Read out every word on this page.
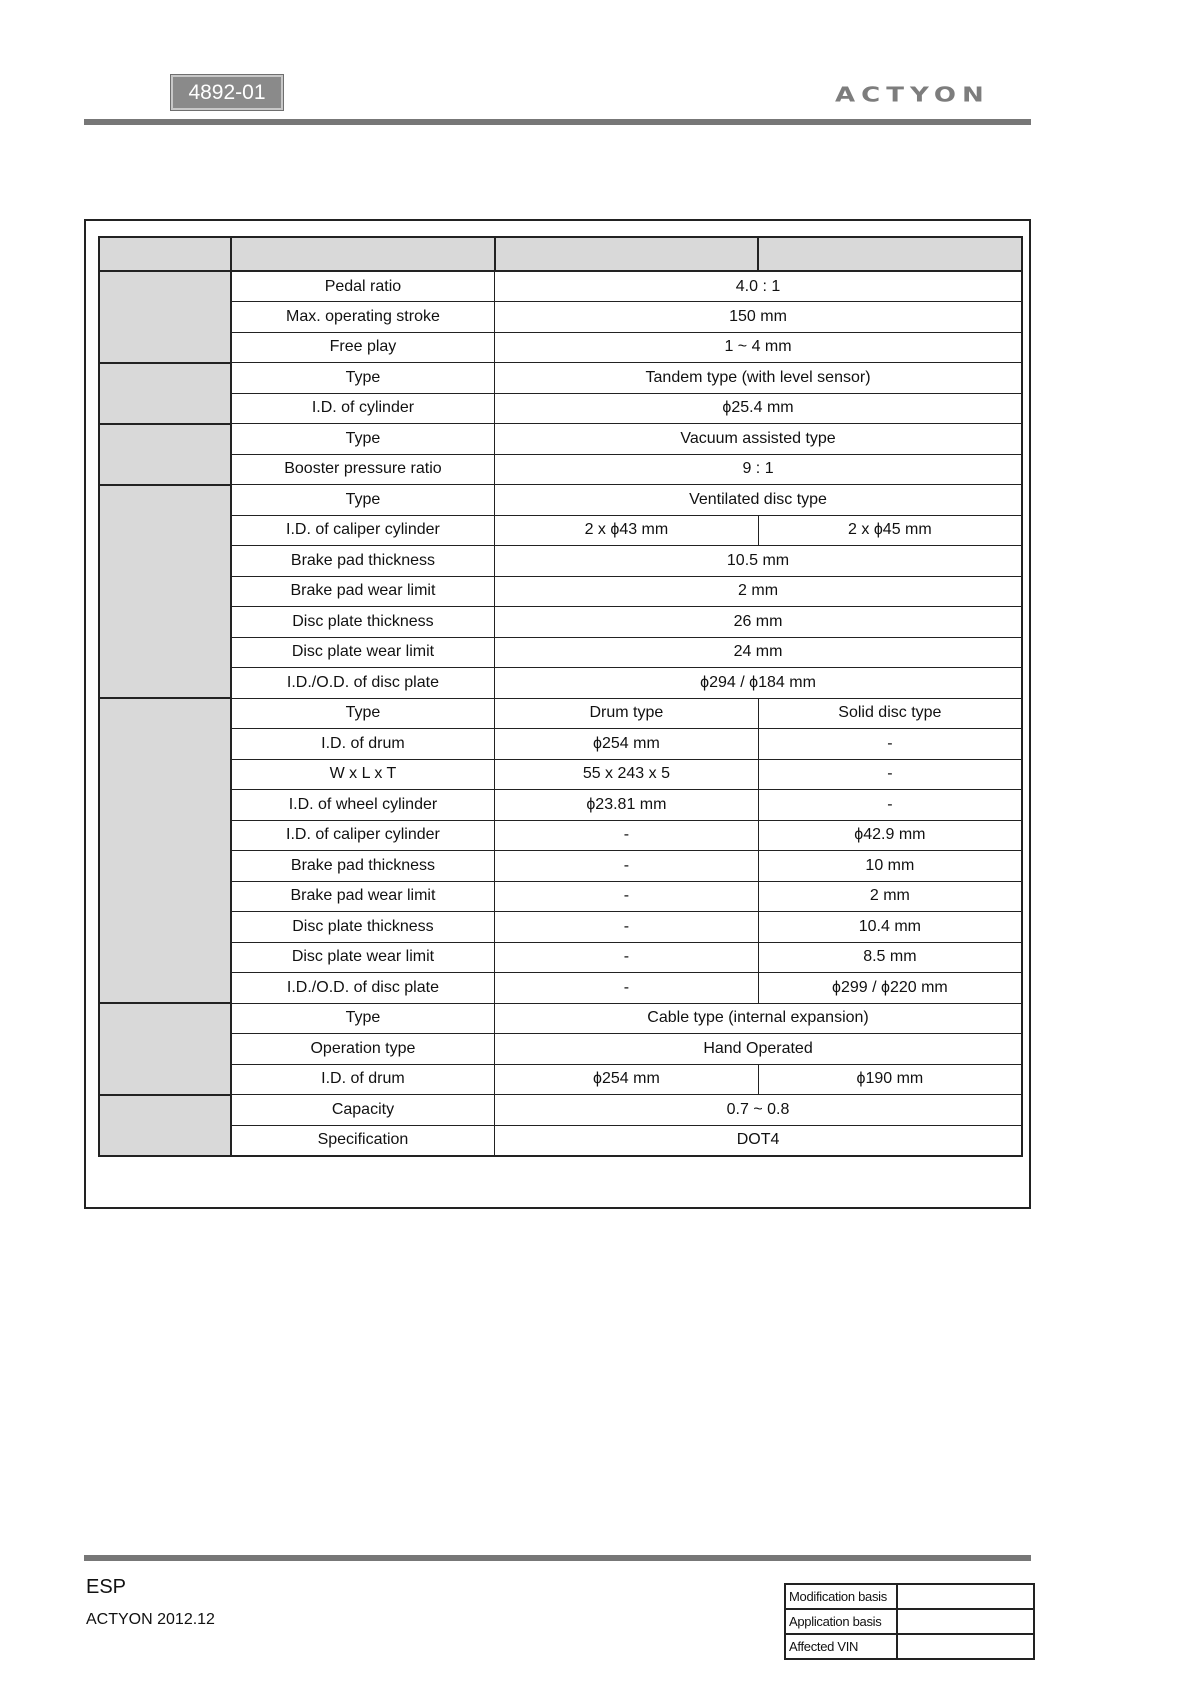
4892-01	ACTYON

	Pedal ratio	4.0 : 1	
	Max. operating stroke	150 mm	
	Free play	1 ~ 4 mm	
	Type	Tandem type (with level sensor)	
	I.D. of cylinder	ϕ25.4 mm	
	Type	Vacuum assisted type	
	Booster pressure ratio	9 : 1	
	Type	Ventilated disc type	
	I.D. of caliper cylinder	2 x ϕ43 mm	2 x ϕ45 mm
	Brake pad thickness	10.5 mm	
	Brake pad wear limit	2 mm	
	Disc plate thickness	26 mm	
	Disc plate wear limit	24 mm	
	I.D./O.D. of disc plate	ϕ294 / ϕ184 mm	
	Type	Drum type	Solid disc type
	I.D. of drum	ϕ254 mm	-
	W x L x T	55 x 243 x 5	-
	I.D. of wheel cylinder	ϕ23.81 mm	-
	I.D. of caliper cylinder	-	ϕ42.9 mm
	Brake pad thickness	-	10 mm
	Brake pad wear limit	-	2 mm
	Disc plate thickness	-	10.4 mm
	Disc plate wear limit	-	8.5 mm
	I.D./O.D. of disc plate	-	ϕ299 / ϕ220 mm
	Type	Cable type (internal expansion)	
	Operation type	Hand Operated	
	I.D. of drum	ϕ254 mm	ϕ190 mm
	Capacity	0.7 ~ 0.8	
	Specification	DOT4	
ESP
ACTYON 2012.12
Modification basis	
Application basis	
Affected VIN	
